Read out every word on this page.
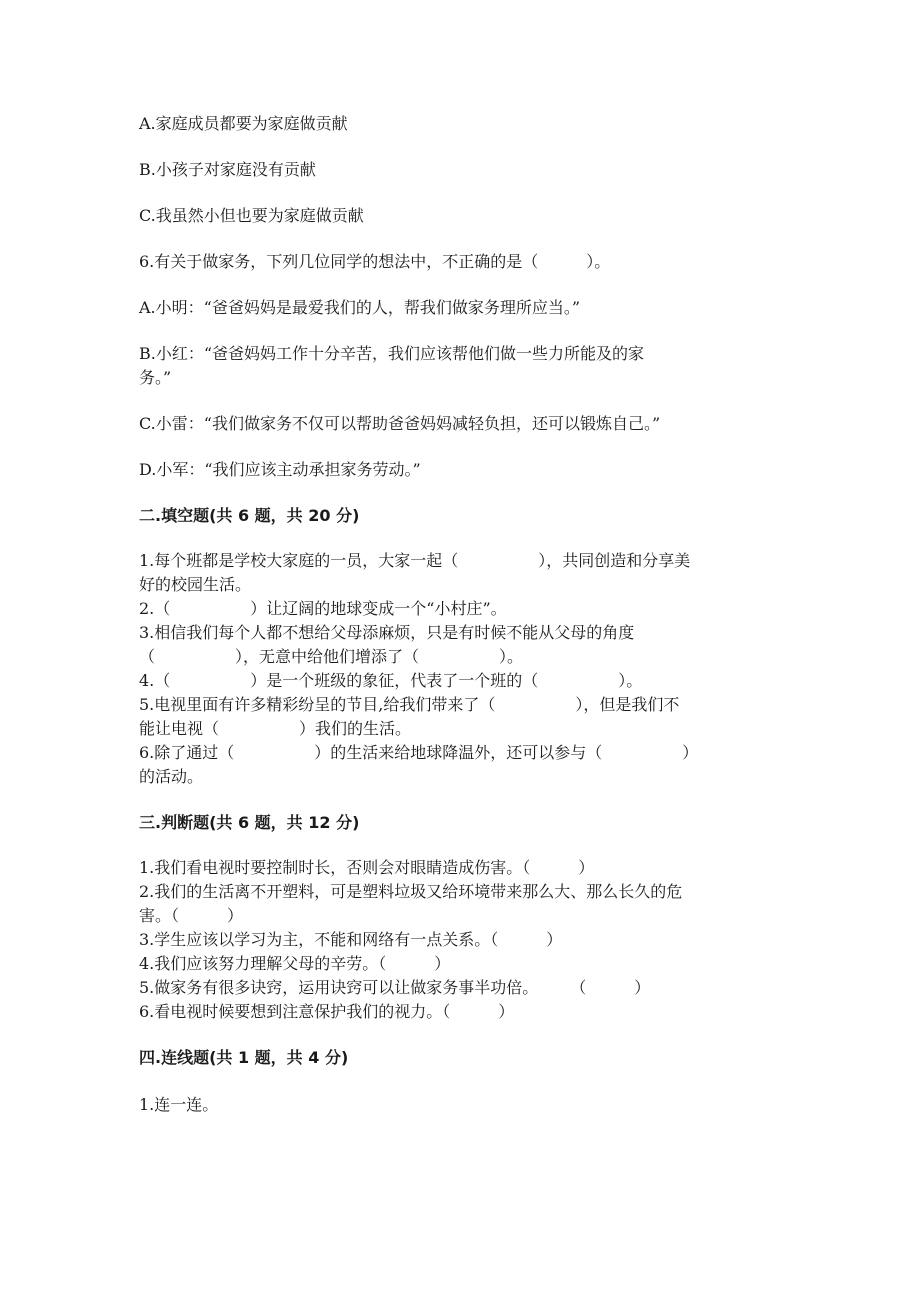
A.家庭成员都要为家庭做贡献

B.小孩子对家庭没有贡献

C.我虽然小但也要为家庭做贡献

6.有关于做家务，下列几位同学的想法中，不正确的是（　　　）。

A.小明：“爸爸妈妈是最爱我们的人，帮我们做家务理所应当。”

B.小红：“爸爸妈妈工作十分辛苦，我们应该帮他们做一些力所能及的家

务。”

C.小雷：“我们做家务不仅可以帮助爸爸妈妈减轻负担，还可以锻炼自己。”

D.小军：“我们应该主动承担家务劳动。”

二.填空题(共 6 题，共 20 分)

1.每个班都是学校大家庭的一员，大家一起（　　　　　），共同创造和分享美

好的校园生活。

2.（　　　　　）让辽阔的地球变成一个“小村庄”。

3.相信我们每个人都不想给父母添麻烦，只是有时候不能从父母的角度

（　　　　　），无意中给他们增添了（　　　　　）。

4.（　　　　　）是一个班级的象征，代表了一个班的（　　　　　）。

5.电视里面有许多精彩纷呈的节目,给我们带来了（　　　　　），但是我们不

能让电视（　　　　　）我们的生活。

6.除了通过（　　　　　）的生活来给地球降温外，还可以参与（　　　　　）

的活动。

三.判断题(共 6 题，共 12 分)

1.我们看电视时要控制时长，否则会对眼睛造成伤害。（　　　）

2.我们的生活离不开塑料，可是塑料垃圾又给环境带来那么大、那么长久的危

害。（　　　）

3.学生应该以学习为主，不能和网络有一点关系。（　　　）

4.我们应该努力理解父母的辛劳。（　　　）

5.做家务有很多诀窍，运用诀窍可以让做家务事半功倍。　　　（　　　）

6.看电视时候要想到注意保护我们的视力。（　　　）

四.连线题(共 1 题，共 4 分)

1.连一连。
